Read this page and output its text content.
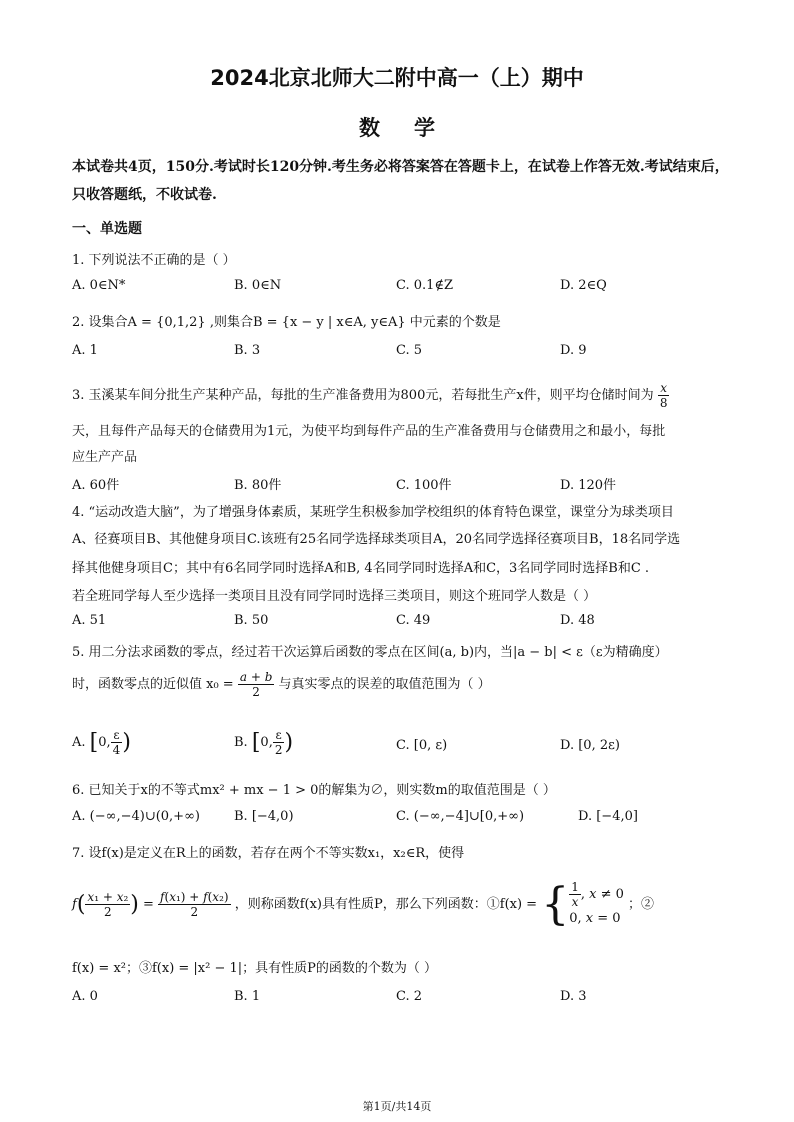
2024北京北师大二附中高一（上）期中
数学
本试卷共4页，150分.考试时长120分钟.考生务必将答案答在答题卡上，在试卷上作答无效.考试结束后，只收答题纸，不收试卷.
一、单选题
1. 下列说法不正确的是（ ）
A. 0∈N*	B. 0∈N	C. 0.1∉Z	D. 2∈Q
2. 设集合A = {0,1,2} ,则集合B = {x − y | x∈A, y∈A} 中元素的个数是
A. 1	B. 3	C. 5	D. 9
3. 玉溪某车间分批生产某种产品，每批的生产准备费用为800元，若每批生产x件，则平均仓储时间为 $\frac{x}{8}$
天，且每件产品每天的仓储费用为1元，为使平均到每件产品的生产准备费用与仓储费用之和最小，每批
应生产产品
A. 60件	B. 80件	C. 100件	D. 120件
4. “运动改造大脑”，为了增强身体素质，某班学生积极参加学校组织的体育特色课堂，课堂分为球类项目
A、径赛项目B、其他健身项目C.该班有25名同学选择球类项目A，20名同学选择径赛项目B，18名同学选
择其他健身项目C；其中有6名同学同时选择A和B, 4名同学同时选择A和C，3名同学同时选择B和C .
若全班同学每人至少选择一类项目且没有同学同时选择三类项目，则这个班同学人数是（ ）
A. 51	B. 50	C. 49	D. 48
5. 用二分法求函数的零点，经过若干次运算后函数的零点在区间(a, b)内，当|a − b| < ε（ε为精确度）
时，函数零点的近似值 $x_0 = \frac{a + b}{2}$ 与真实零点的误差的取值范围为（ ）
A. [0, $\frac{\varepsilon}{4}$ )	B. [0, $\frac{\varepsilon}{2}$ )	C. [0, ε)	D. [0, 2ε)
6. 已知关于x的不等式mx² + mx − 1 > 0的解集为∅，则实数m的取值范围是（ ）
A. (−∞,−4)∪(0,+∞)	B. [−4,0)	C. (−∞,−4]∪[0,+∞)	D. [−4,0]
7. 设f(x)是定义在R上的函数，若存在两个不等实数x₁，x₂∈R，使得
$f( \frac{\text{x₁ + x₂}}{2}$ ) = $\frac{\text{f(x₁) + f(x₂)}}{2}$ ，则称函数f(x)具有性质P，那么下列函数：①f(x) = { $\frac{1}{x}$ , x ≠ 0
0, x = 0 ；②
f(x) = x²；③f(x) = |x² − 1|；具有性质P的函数的个数为（ ）
A. 0	B. 1	C. 2	D. 3
第1页/共14页
